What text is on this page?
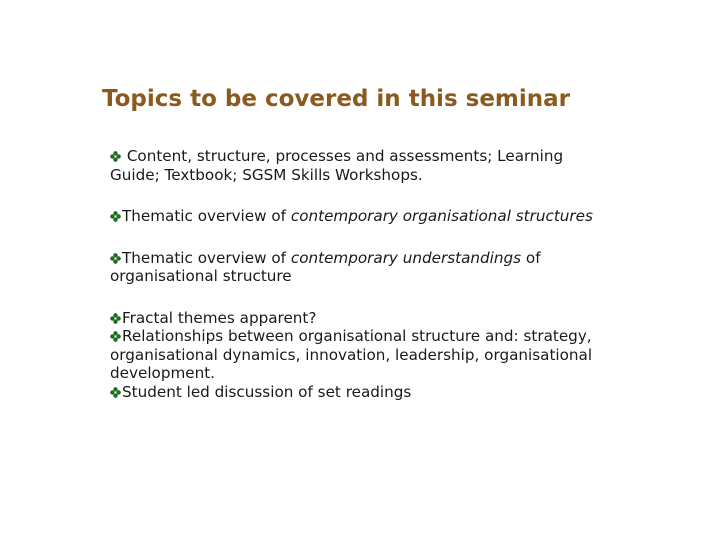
Topics to be covered in this seminar
Content, structure, processes and assessments; Learning Guide; Textbook; SGSM Skills Workshops.
Thematic overview of contemporary organisational structures
Thematic overview of contemporary understandings of organisational structure
Fractal themes apparent?
Relationships between organisational structure and: strategy, organisational dynamics, innovation, leadership, organisational development.
Student led discussion of set readings
